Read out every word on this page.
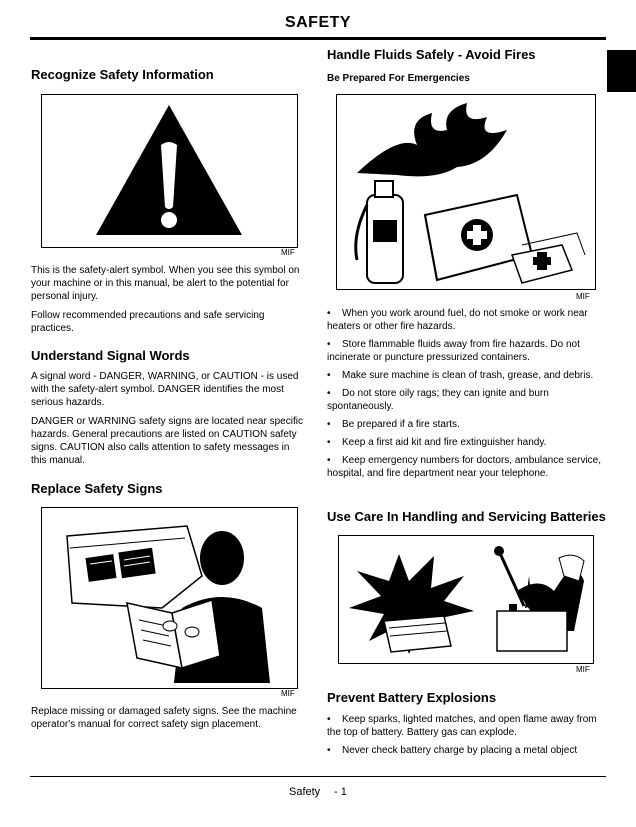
SAFETY
Recognize Safety Information
MIF

This is the safety-alert symbol. When you see this symbol on your machine or in this manual, be alert to the potential for personal injury.

Follow recommended precautions and safe servicing practices.

Understand Signal Words

A signal word - DANGER, WARNING, or CAUTION - is used with the safety-alert symbol. DANGER identifies the most serious hazards.

DANGER or WARNING safety signs are located near specific hazards. General precautions are listed on CAUTION safety signs. CAUTION also calls attention to safety messages in this manual.

Replace Safety Signs
MIF

Replace missing or damaged safety signs. See the machine operator's manual for correct safety sign placement.

Handle Fluids Safely - Avoid Fires
Be Prepared For Emergencies
MIF
• When you work around fuel, do not smoke or work near heaters or other fire hazards.
• Store flammable fluids away from fire hazards. Do not incinerate or puncture pressurized containers.
• Make sure machine is clean of trash, grease, and debris.
• Do not store oily rags; they can ignite and burn spontaneously.
• Be prepared if a fire starts.
• Keep a first aid kit and fire extinguisher handy.
• Keep emergency numbers for doctors, ambulance service, hospital, and fire department near your telephone.
Use Care In Handling and Servicing Batteries
MIF
Prevent Battery Explosions
• Keep sparks, lighted matches, and open flame away from the top of battery. Battery gas can explode.
• Never check battery charge by placing a metal object
Safety - 1
